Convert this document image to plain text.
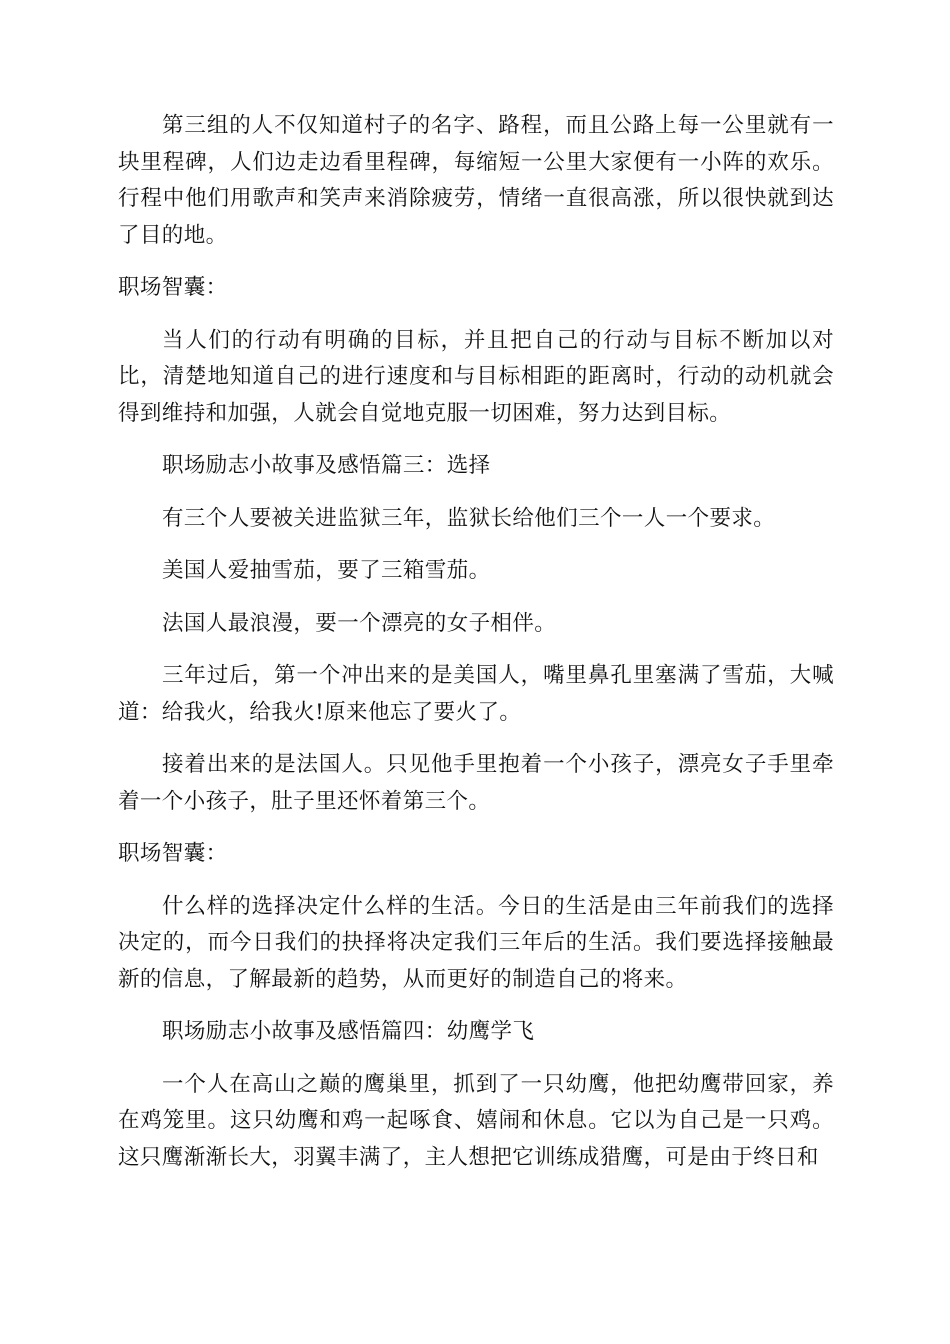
第三组的人不仅知道村子的名字、路程，而且公路上每一公里就有一块里程碑，人们边走边看里程碑，每缩短一公里大家便有一小阵的欢乐。行程中他们用歌声和笑声来消除疲劳，情绪一直很高涨，所以很快就到达了目的地。

职场智囊：

当人们的行动有明确的目标，并且把自己的行动与目标不断加以对比，清楚地知道自己的进行速度和与目标相距的距离时，行动的动机就会得到维持和加强，人就会自觉地克服一切困难，努力达到目标。

职场励志小故事及感悟篇三：选择

有三个人要被关进监狱三年，监狱长给他们三个一人一个要求。

美国人爱抽雪茄，要了三箱雪茄。

法国人最浪漫，要一个漂亮的女子相伴。

三年过后，第一个冲出来的是美国人，嘴里鼻孔里塞满了雪茄，大喊道：给我火，给我火!原来他忘了要火了。

接着出来的是法国人。只见他手里抱着一个小孩子，漂亮女子手里牵着一个小孩子，肚子里还怀着第三个。

职场智囊：

什么样的选择决定什么样的生活。今日的生活是由三年前我们的选择决定的，而今日我们的抉择将决定我们三年后的生活。我们要选择接触最新的信息，了解最新的趋势，从而更好的制造自己的将来。

职场励志小故事及感悟篇四：幼鹰学飞

一个人在高山之巅的鹰巢里，抓到了一只幼鹰，他把幼鹰带回家，养在鸡笼里。这只幼鹰和鸡一起啄食、嬉闹和休息。它以为自己是一只鸡。这只鹰渐渐长大，羽翼丰满了，主人想把它训练成猎鹰，可是由于终日和
